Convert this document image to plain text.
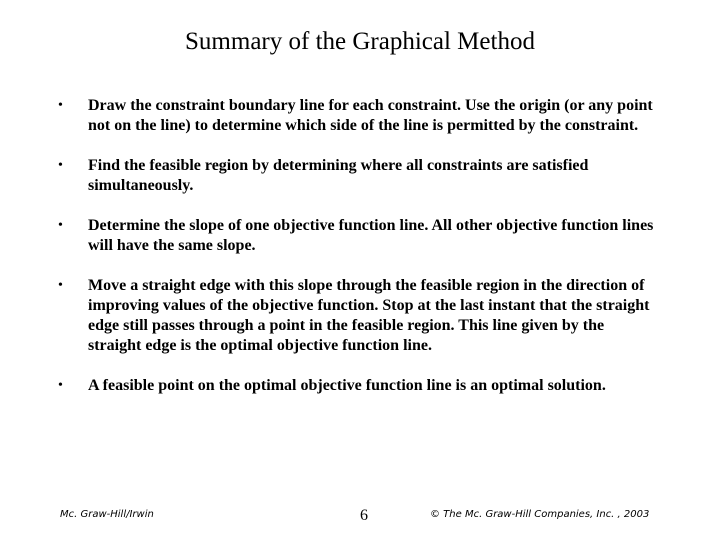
Summary of the Graphical Method
•	Draw the constraint boundary line for each constraint. Use the origin (or any point not on the line) to determine which side of the line is permitted by the constraint.
•	Find the feasible region by determining where all constraints are satisfied simultaneously.
•	Determine the slope of one objective function line. All other objective function lines will have the same slope.
•	Move a straight edge with this slope through the feasible region in the direction of improving values of the objective function. Stop at the last instant that the straight edge still passes through a point in the feasible region. This line given by the straight edge is the optimal objective function line.
•	A feasible point on the optimal objective function line is an optimal solution.
Mc. Graw-Hill/Irwin	6	© The Mc. Graw-Hill Companies, Inc. , 2003
